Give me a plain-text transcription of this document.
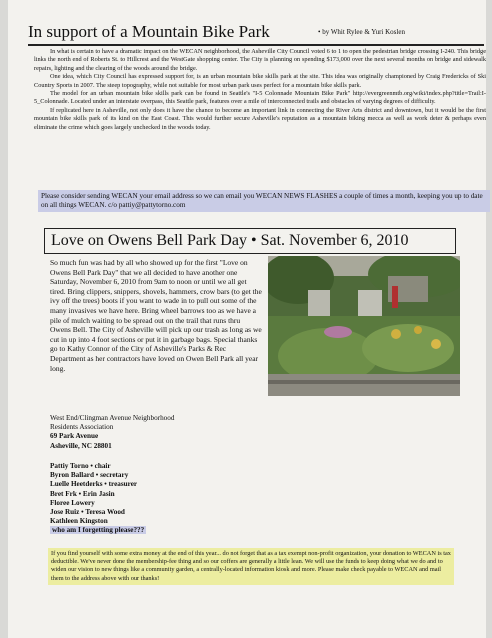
In support of a Mountain Bike Park	• by Whit Rylee & Yuri Koslen

In what is certain to have a dramatic impact on the WECAN neighborhood, the Asheville City Council voted 6 to 1 to open the pedestrian bridge crossing I-240. This bridge links the north end of Roberts St. to Hillcrest and the WestGate shopping center. The City is planning on spending $173,000 over the next several months on bridge and sidewalk repairs, lighting and the clearing of the woods around the bridge.

One idea, which City Council has expressed support for, is an urban mountain bike skills park at the site. This idea was originally championed by Craig Fredericks of Ski Country Sports in 2007. The steep topography, while not suitable for most urban park uses perfect for a mountain bike skills park.

The model for an urban mountain bike skills park can be found in Seattle's "I-5 Colonnade Mountain Bike Park" http://evergreenmtb.org/wiki/index.php?title=Trail:I-5_Colonnade. Located under an interstate overpass, this Seattle park, features over a mile of interconnected trails and obstacles of varying degrees of difficulty.

If replicated here in Asheville, not only does it have the chance to become an important link in connecting the River Arts district and downtown, but it would be the first mountain bike skills park of its kind on the East Coast. This would further secure Asheville's reputation as a mountain biking mecca as well as work deter & perhaps even eliminate the crime which goes largely unchecked in the woods today.

Please consider sending WECAN your email address so we can email you WECAN NEWS FLASHES a couple of times a month, keeping you up to date on all things WECAN. c/o pattiy@pattytorno.com
Love on Owens Bell Park Day • Sat. November 6, 2010
So much fun was had by all who showed up for the first "Love on Owens Bell Park Day" that we all decided to have another one Saturday, November 6, 2010 from 9am to noon or until we all get tired. Bring clippers, snippers, shovels, hammers, crow bars (to get the ivy off the trees) boots if you want to wade in to pull out some of the many invasives we have here. Bring wheel barrows too as we have a pile of mulch waiting to be spread out on the trail that runs thru Owens Bell. The City of Asheville will pick up our trash as long as we cut in up into 4 foot sections or put it in garbage bags. Special thanks go to Kathy Connor of the City of Asheville's Parks & Rec Department as her contractors have loved on Owen Bell Park all year long.
West End/Clingman Avenue Neighborhood
Residents Association
69 Park Avenue
Asheville, NC 28801
Pattiy Torno • chair
Byron Ballard • secretary
Luelle Heetderks • treasurer
Bret Frk • Erin Jasin
Floree Lowery
Jose Ruiz • Teresa Wood
Kathleen Kingston
who am I forgetting please???
If you find yourself with some extra money at the end of this year... do not forget that as a tax exempt non-profit organization, your donation to WECAN is tax deductible. We've never done the membership-fee thing and so our coffers are generally a little lean. We will use the funds to keep doing what we do and to widen our vision to new things like a community garden, a centrally-located information kiosk and more. Please make check payable to WECAN and mail them to the address above with our thanks!
